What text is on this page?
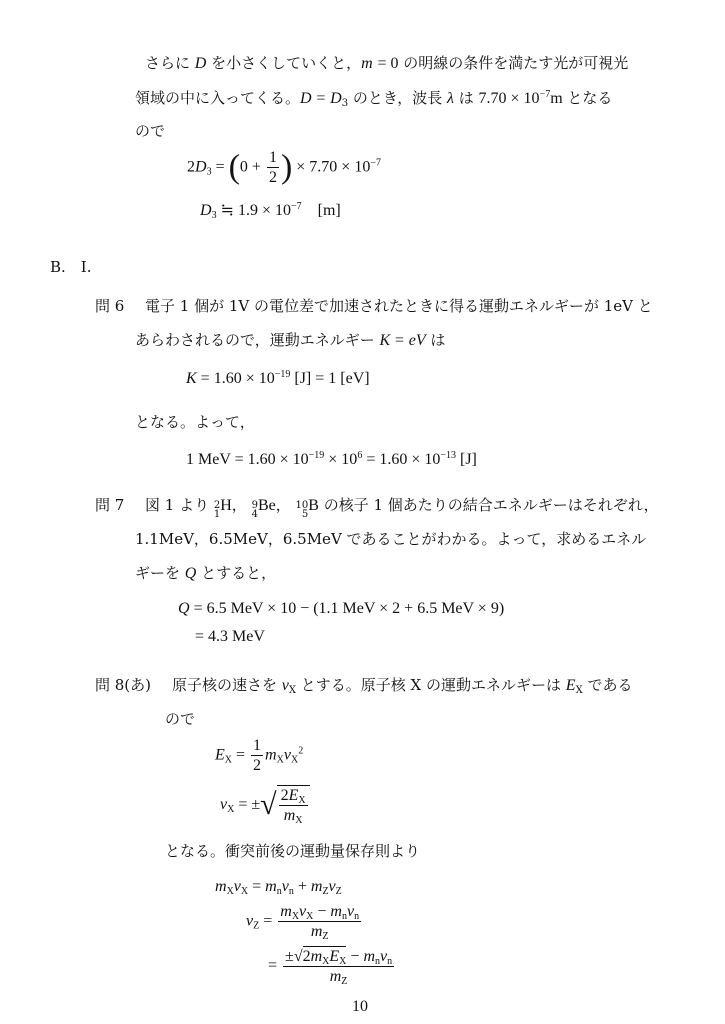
さらに D を小さくしていくと，m = 0 の明線の条件を満たす光が可視光
領域の中に入ってくる。$D = D_3$ のとき，波長 λ は $7.70 \times 10^{-7}m$ となる
ので
$2D_3 = (0 + \frac{1}{2}$ ) × $7.70 \times 10^{-7}$
$D_3$ ≒ $1.9 \times 10^{-7}$    [m]
B.　I.
問 6 電子 1 個が 1V の電位差で加速されたときに得る運動エネルギーが 1eV と
あらわされるので，運動エネルギー K = eV は
$K = 1.60 \times 10^{-19}$ [J] = 1 [eV]
となる。よって，
1 MeV = $1.60 \times 10^{-19} \times 10^6 = 1.60 \times 10^{-13}$ [J]
問 7 図 1 より 2
1
H， 9
4
Be， 10
5
B の核子 1 個あたりの結合エネルギーはそれぞれ，
1.1MeV，6.5MeV，6.5MeV であることがわかる。よって，求めるエネル
ギーを Q とすると，
Q = 6.5 MeV × 10 − (1.1 MeV × 2 + 6.5 MeV × 9)
= 4.3 MeV
問 8(あ) 原子核の速さを $v_X$ とする。原子核 X の運動エネルギーは $E_X$ である
ので
$E_X = \frac{1}{2} m_Xv_X^2$
$v_X$ = ±√ $\frac{2E_X}{m_X}$
となる。衝突前後の運動量保存則より
$m_Xv_X = m_nv_n + m_Zv_Z$
$v_Z = \frac{m_Xv_X - m_nv_n}{m_Z}$
= $\frac{\pm√2m_XE_X - m_nv_n}{m_Z}$
10
